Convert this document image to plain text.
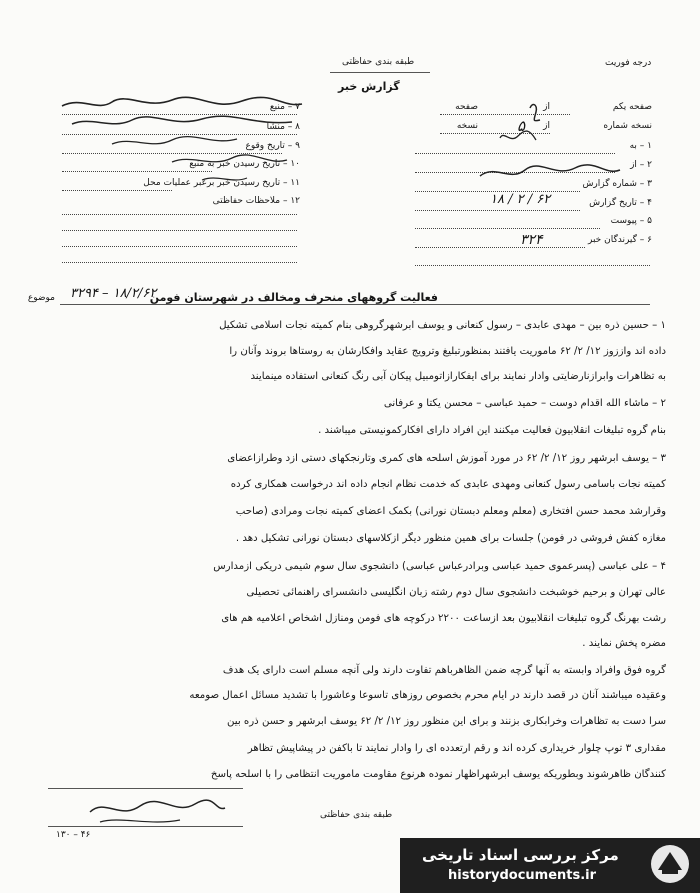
درجه فوریت
طبقه بندی حفاظتی
گزارش خبر
۷ – منبع
۸ – منشا
۹ – تاریخ وقوع
۱۰ – تاریخ رسیدن خبر به منبع
۱۱ – تاریخ رسیدن خبر برعبر عملیات محل
۱۲ – ملاحظات حفاظتی
صفحه یکم
از
صفحه
نسخه شماره
از
نسخه
۱ – به
۲ – از
۳ – شماره گزارش
۴ – تاریخ گزارش
۵ – پیوست
۶ – گیرندگان خبر
۵
۱۸ / ۲ / ۶۲
۳۲۴
موضوع	فعالیت گروههای منحرف ومخالف در شهرستان فومن
۳۲۹۴ – ۱۸/۲/۶۲
۱ – حسین ذره بین – مهدی عابدی – رسول کنعانی و یوسف ابرشهرگروهی بنام کمیته نجات اسلامی تشکیل
داده اند واززوز ۱۲/ ۲/ ۶۲ ماموریت یافتند بمنظورتبلیغ وترویج عقاید وافکارشان به روستاها بروند وآنان را
به تظاهرات وابرازنارضایتی وادار نمایند برای ایفکارازاتومبیل پیکان آبی رنگ کنعانی استفاده مینمایند
۲ – ماشاء الله اقدام دوست – حمید عباسی – محسن یکتا و عرفانی
بنام گروه تبلیغات انقلابیون فعالیت میکنند این افراد دارای افکارکمونیستی میباشند .
۳ – یوسف ابرشهر روز ۱۲/ ۲/ ۶۲ در مورد آموزش اسلحه های کمری وتارنجکهای دستی ازد وطرازاعضای
کمیته نجات باسامی رسول کنعانی ومهدی عابدی که خدمت نظام انجام داده اند درخواست همکاری کرده
وقرارشد محمد حسن افتخاری (معلم ومعلم دبستان نورانی) بکمک اعضای کمیته نجات ومرادی (صاحب
مغازه کفش فروشی در فومن) جلسات برای همین منظور دیگر ازکلاسهای دبستان نورانی تشکیل دهد .
۴ – علی عباسی (پسرعموی حمید عباسی وبرادرعباس عباسی) دانشجوی سال سوم شیمی دریکی ازمدارس
عالی تهران و برحیم خوشبخت دانشجوی سال دوم رشته زبان انگلیسی دانشسرای راهنمائی تحصیلی
رشت بهرنگ گروه تبلیغات انقلابیون بعد ازساعت ۲۲۰۰ درکوچه های فومن ومنازل اشخاص اعلامیه هم های
مضره پخش نمایند .
گروه فوق وافراد وابسته به آنها گرچه ضمن الظاهرباهم تفاوت دارند ولی آنچه مسلم است دارای یک هدف
وعقیده میباشند آنان در قصد دارند در ایام محرم بخصوص روزهای تاسوعا وعاشورا با تشدید مسائل اعمال صومعه
سرا دست به تظاهرات وخرابکاری بزنند و برای این منظور روز ۱۲/ ۲/ ۶۲ یوسف ابرشهر و حسن ذره بین
مقداری ۳ توپ چلوار خریداری کرده اند و رقم ارتعدده ای را وادار نمایند تا باکفن در پیشاپیش تظاهر
کنندگان ظاهرشوند وبطوریکه یوسف ابرشهراظهار نموده هرنوع مقاومت ماموریت انتظامی را با اسلحه پاسخ
طبقه بندی حفاظتی
۱۳۰ – ۴۶
مرکز بررسی اسناد تاریخی
historydocuments.ir
